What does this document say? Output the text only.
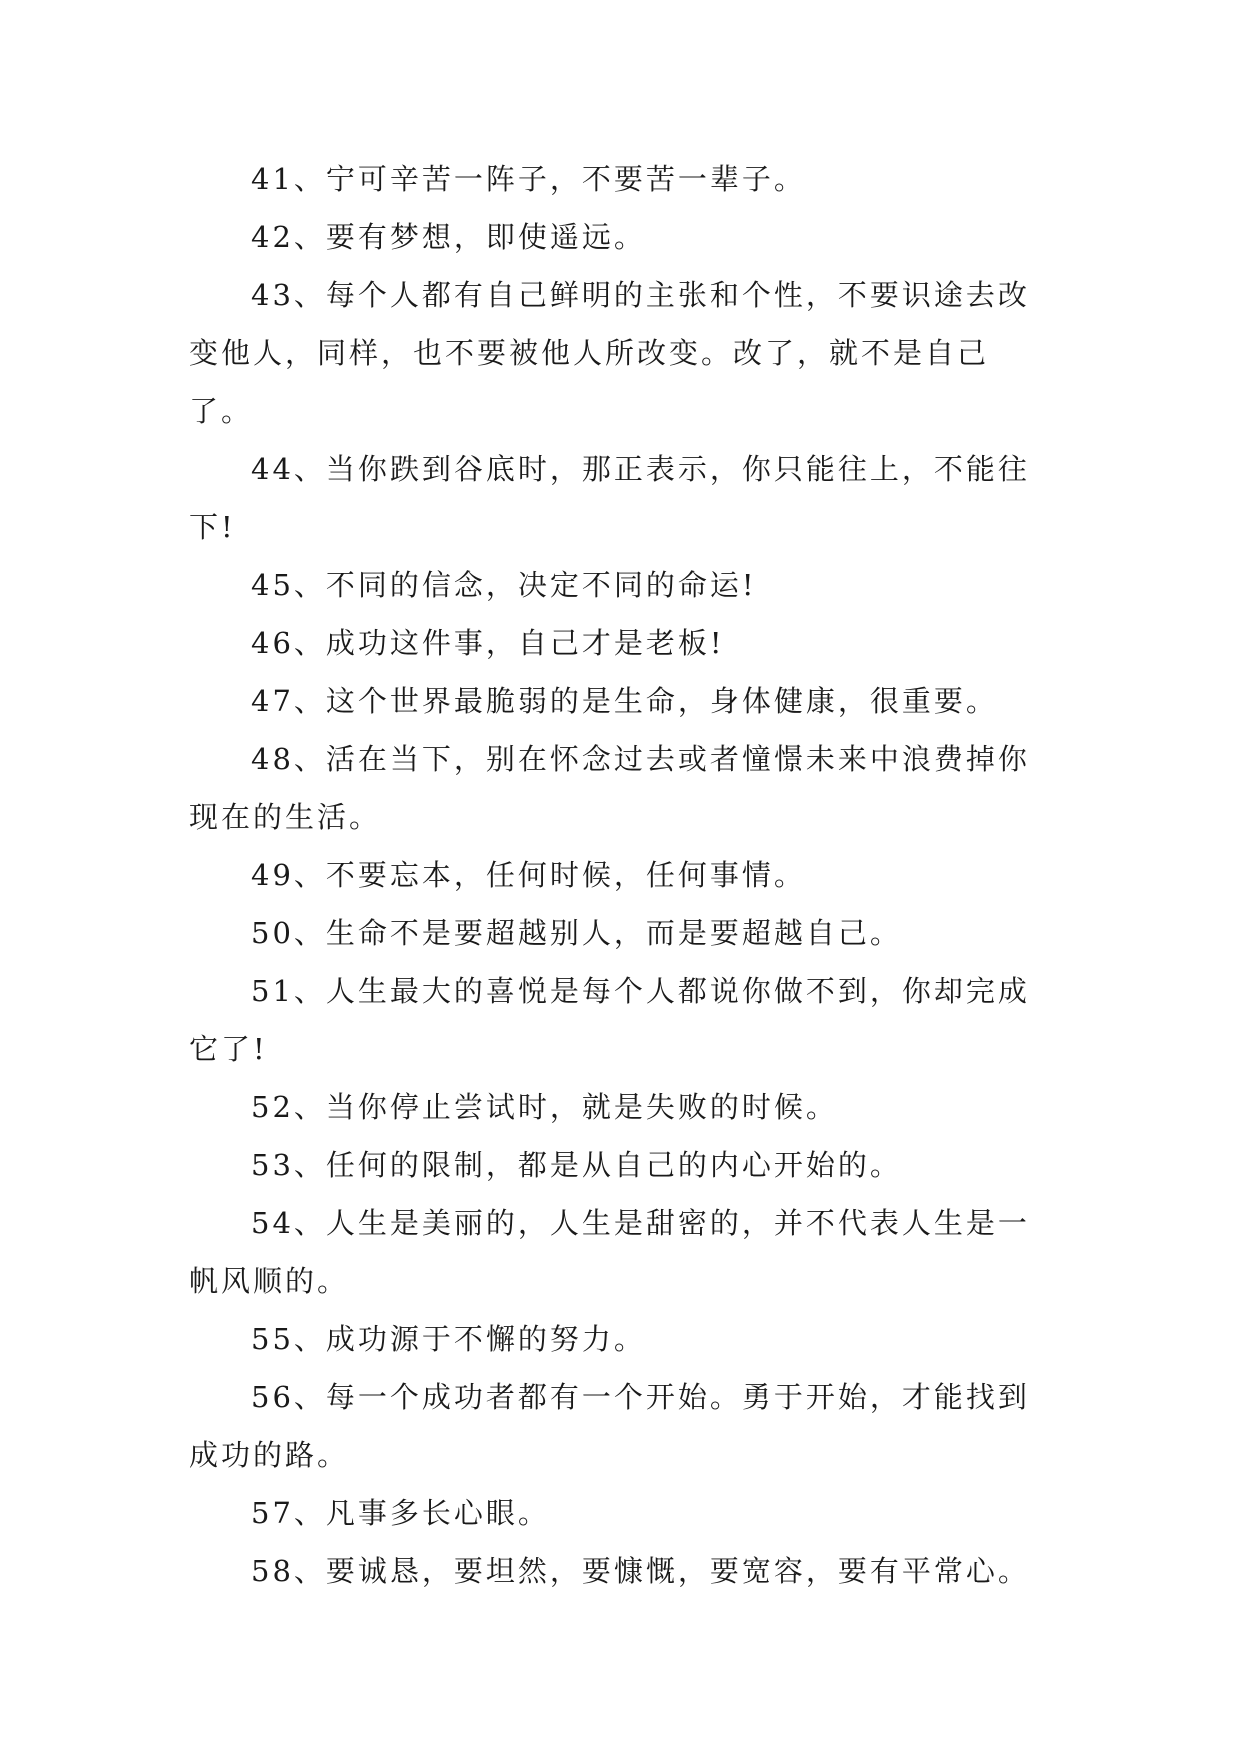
41、宁可辛苦一阵子，不要苦一辈子。

42、要有梦想，即使遥远。

43、每个人都有自己鲜明的主张和个性，不要识途去改变他人，同样，也不要被他人所改变。改了，就不是自己了。

44、当你跌到谷底时，那正表示，你只能往上，不能往下!

45、不同的信念，决定不同的命运!

46、成功这件事，自己才是老板!

47、这个世界最脆弱的是生命，身体健康，很重要。

48、活在当下，别在怀念过去或者憧憬未来中浪费掉你现在的生活。

49、不要忘本，任何时候，任何事情。

50、生命不是要超越别人，而是要超越自己。

51、人生最大的喜悦是每个人都说你做不到，你却完成它了!

52、当你停止尝试时，就是失败的时候。

53、任何的限制，都是从自己的内心开始的。

54、人生是美丽的，人生是甜密的，并不代表人生是一帆风顺的。

55、成功源于不懈的努力。

56、每一个成功者都有一个开始。勇于开始，才能找到成功的路。

57、凡事多长心眼。

58、要诚恳，要坦然，要慷慨，要宽容，要有平常心。
